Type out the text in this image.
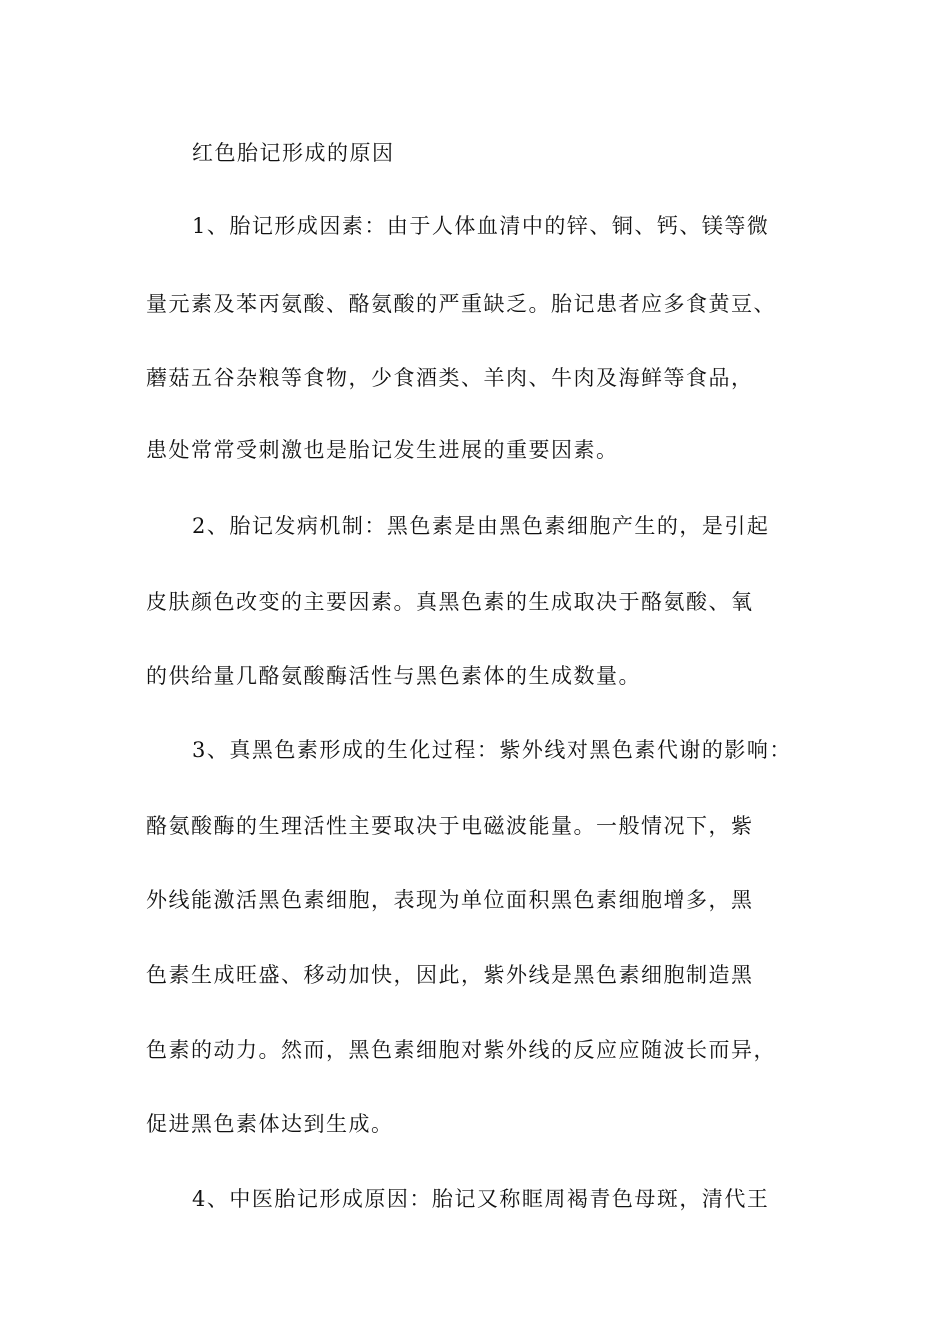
红色胎记形成的原因
1、胎记形成因素：由于人体血清中的锌、铜、钙、镁等微
量元素及苯丙氨酸、酪氨酸的严重缺乏。胎记患者应多食黄豆、
蘑菇五谷杂粮等食物，少食酒类、羊肉、牛肉及海鲜等食品，
患处常常受刺激也是胎记发生进展的重要因素。
2、胎记发病机制：黑色素是由黑色素细胞产生的，是引起
皮肤颜色改变的主要因素。真黑色素的生成取决于酪氨酸、氧
的供给量几酪氨酸酶活性与黑色素体的生成数量。
3、真黑色素形成的生化过程：紫外线对黑色素代谢的影响：
酪氨酸酶的生理活性主要取决于电磁波能量。一般情况下，紫
外线能激活黑色素细胞，表现为单位面积黑色素细胞增多，黑
色素生成旺盛、移动加快，因此，紫外线是黑色素细胞制造黑
色素的动力。然而，黑色素细胞对紫外线的反应应随波长而异，
促进黑色素体达到生成。
4、中医胎记形成原因：胎记又称眶周褐青色母斑，清代王
